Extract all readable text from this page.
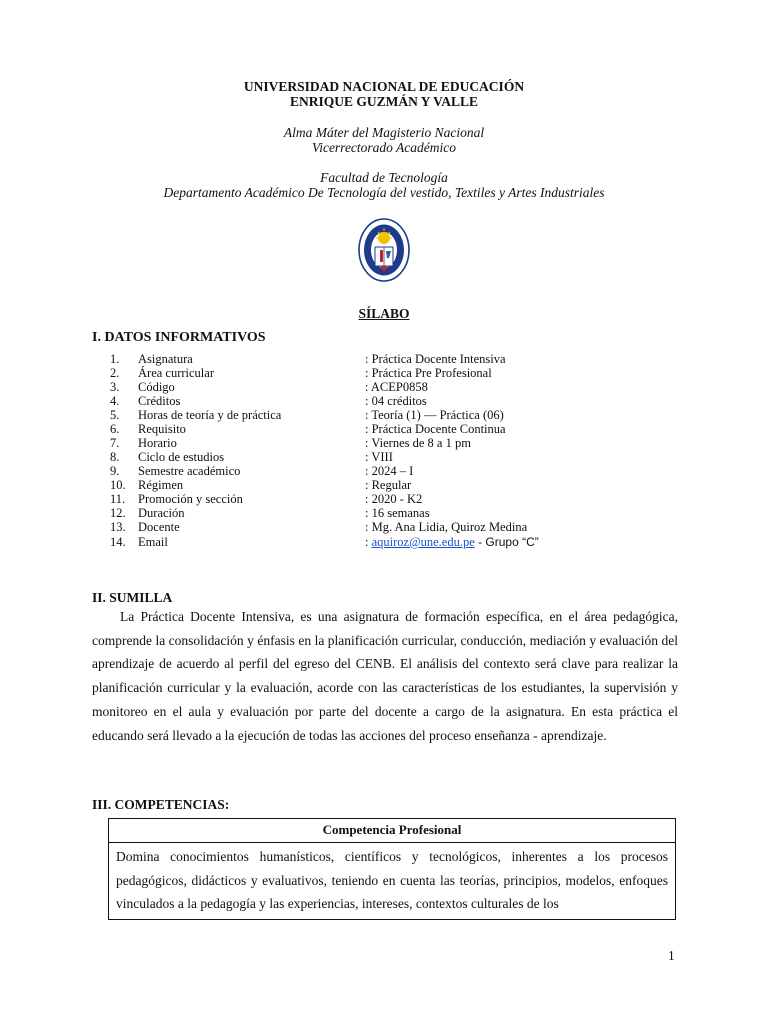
UNIVERSIDAD NACIONAL DE EDUCACIÓN
ENRIQUE GUZMÁN Y VALLE
Alma Máter del Magisterio Nacional
Vicerrectorado Académico
Facultad de Tecnología
Departamento Académico De Tecnología del vestido, Textiles y Artes Industriales
SÍLABO
I. DATOS INFORMATIVOS
1. Asignatura	: Práctica Docente Intensiva
2. Área curricular	: Práctica Pre Profesional
3. Código	: ACEP0858
4. Créditos	: 04 créditos
5. Horas de teoría y de práctica	: Teoría (1) — Práctica (06)
6. Requisito	: Práctica Docente Continua
7. Horario	: Viernes de 8 a 1 pm
8. Ciclo de estudios	: VIII
9. Semestre académico	: 2024 – I
10. Régimen	: Regular
11. Promoción y sección	: 2020 - K2
12. Duración	: 16 semanas
13. Docente	: Mg. Ana Lidia, Quiroz Medina
14. Email	: aquiroz@une.edu.pe - Grupo “C”
II. SUMILLA
La Práctica Docente Intensiva, es una asignatura de formación específica, en el área pedagógica, comprende la consolidación y énfasis en la planificación curricular, conducción, mediación y evaluación del aprendizaje de acuerdo al perfil del egreso del CENB. El análisis del contexto será clave para realizar la planificación curricular y la evaluación, acorde con las características de los estudiantes, la supervisión y monitoreo en el aula y evaluación por parte del docente a cargo de la asignatura. En esta práctica el educando será llevado a la ejecución de todas las acciones del proceso enseñanza - aprendizaje.
III. COMPETENCIAS:
Competencia Profesional
Domina conocimientos humanísticos, científicos y tecnológicos, inherentes a los procesos pedagógicos, didácticos y evaluativos, teniendo en cuenta las teorías, principios, modelos, enfoques vinculados a la pedagogía y las experiencias, intereses, contextos culturales de los
1
